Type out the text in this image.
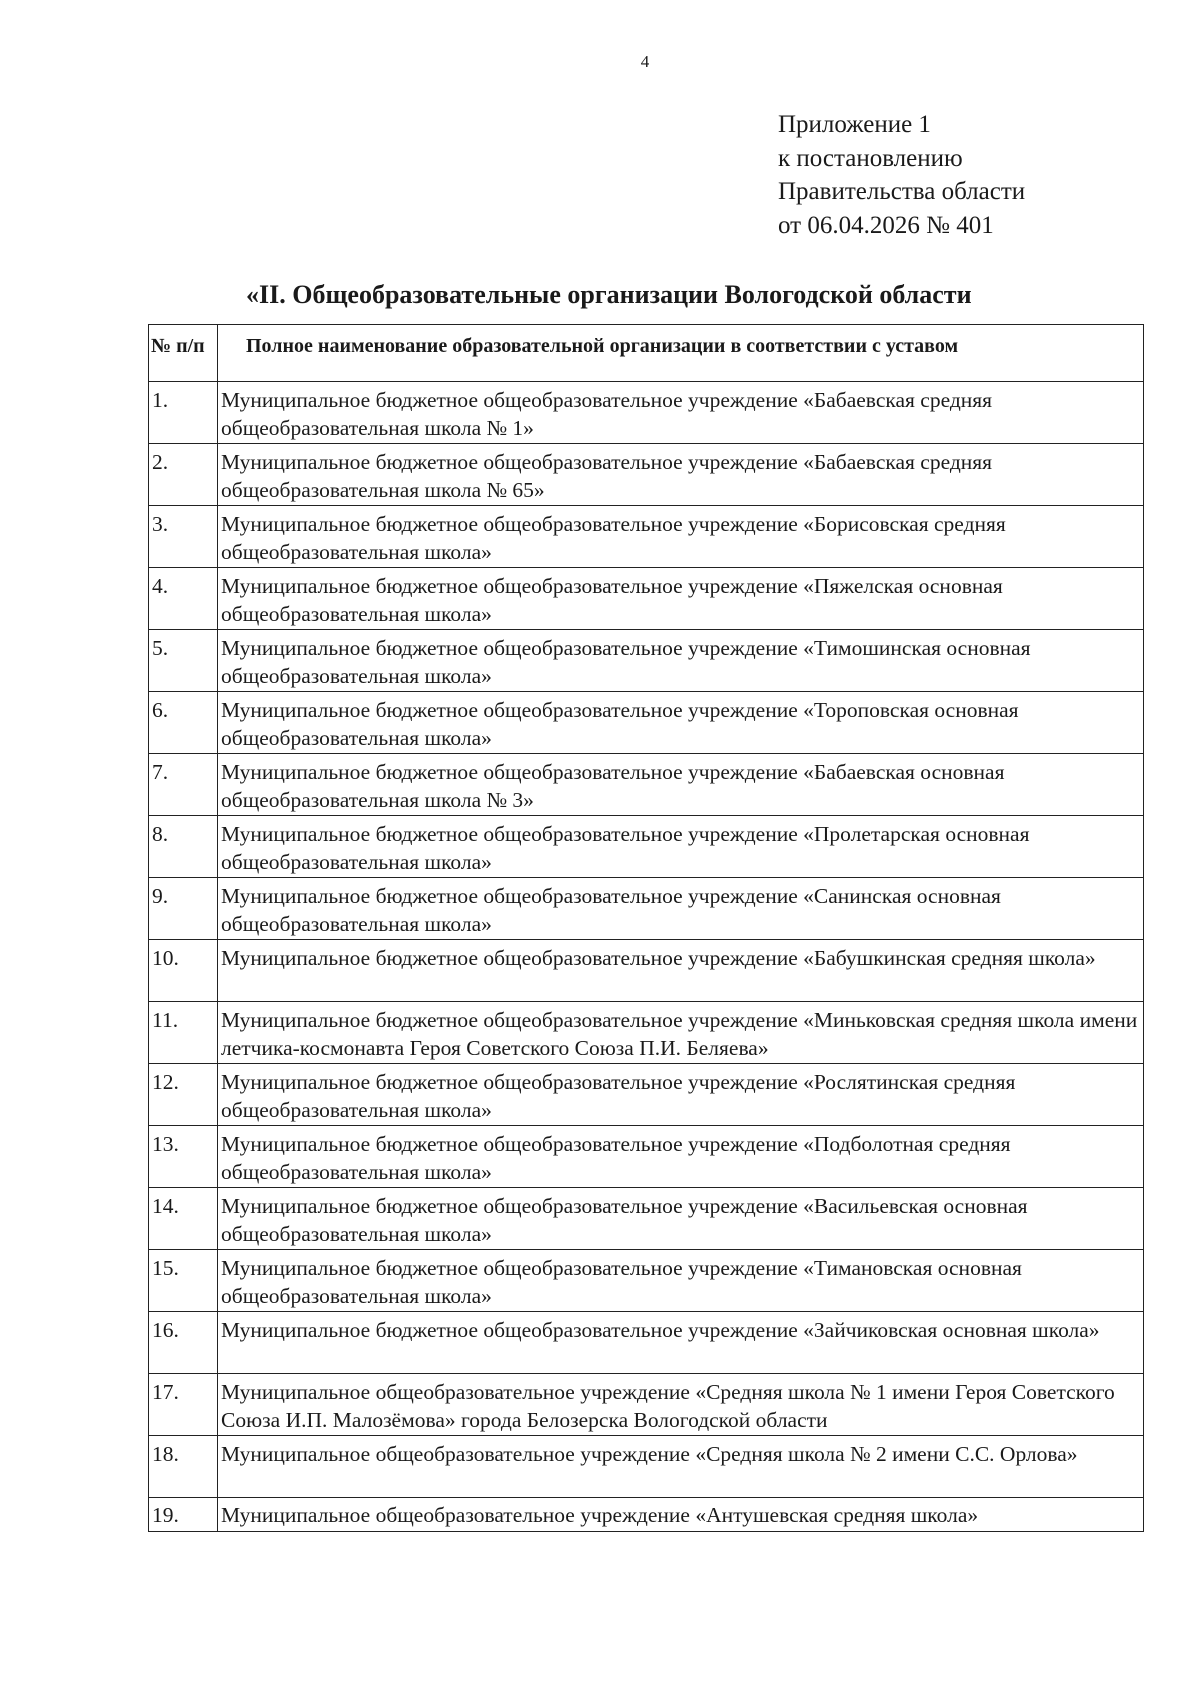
4
Приложение 1
к постановлению
Правительства области
от 06.04.2026 № 401
«II. Общеобразовательные организации Вологодской области
№ п/п	Полное наименование образовательной организации в соответствии с уставом
1.	Муниципальное бюджетное общеобразовательное учреждение «Бабаевская средняя общеобразовательная школа № 1»
2.	Муниципальное бюджетное общеобразовательное учреждение «Бабаевская средняя общеобразовательная школа № 65»
3.	Муниципальное бюджетное общеобразовательное учреждение «Борисовская средняя общеобразовательная школа»
4.	Муниципальное бюджетное общеобразовательное учреждение «Пяжелская основная общеобразовательная школа»
5.	Муниципальное бюджетное общеобразовательное учреждение «Тимошинская основная общеобразовательная школа»
6.	Муниципальное бюджетное общеобразовательное учреждение «Тороповская основная общеобразовательная школа»
7.	Муниципальное бюджетное общеобразовательное учреждение «Бабаевская основная общеобразовательная школа № 3»
8.	Муниципальное бюджетное общеобразовательное учреждение «Пролетарская основная общеобразовательная школа»
9.	Муниципальное бюджетное общеобразовательное учреждение «Санинская основная общеобразовательная школа»
10.	Муниципальное бюджетное общеобразовательное учреждение «Бабушкинская средняя школа»
11.	Муниципальное бюджетное общеобразовательное учреждение «Миньковская средняя школа имени летчика-космонавта Героя Советского Союза П.И. Беляева»
12.	Муниципальное бюджетное общеобразовательное учреждение «Рослятинская средняя общеобразовательная школа»
13.	Муниципальное бюджетное общеобразовательное учреждение «Подболотная средняя общеобразовательная школа»
14.	Муниципальное бюджетное общеобразовательное учреждение «Васильевская основная общеобразовательная школа»
15.	Муниципальное бюджетное общеобразовательное учреждение «Тимановская основная общеобразовательная школа»
16.	Муниципальное бюджетное общеобразовательное учреждение «Зайчиковская основная школа»
17.	Муниципальное общеобразовательное учреждение «Средняя школа № 1 имени Героя Советского Союза И.П. Малозёмова» города Белозерска Вологодской области
18.	Муниципальное общеобразовательное учреждение «Средняя школа № 2 имени С.С. Орлова»
19.	Муниципальное общеобразовательное учреждение «Антушевская средняя школа»
